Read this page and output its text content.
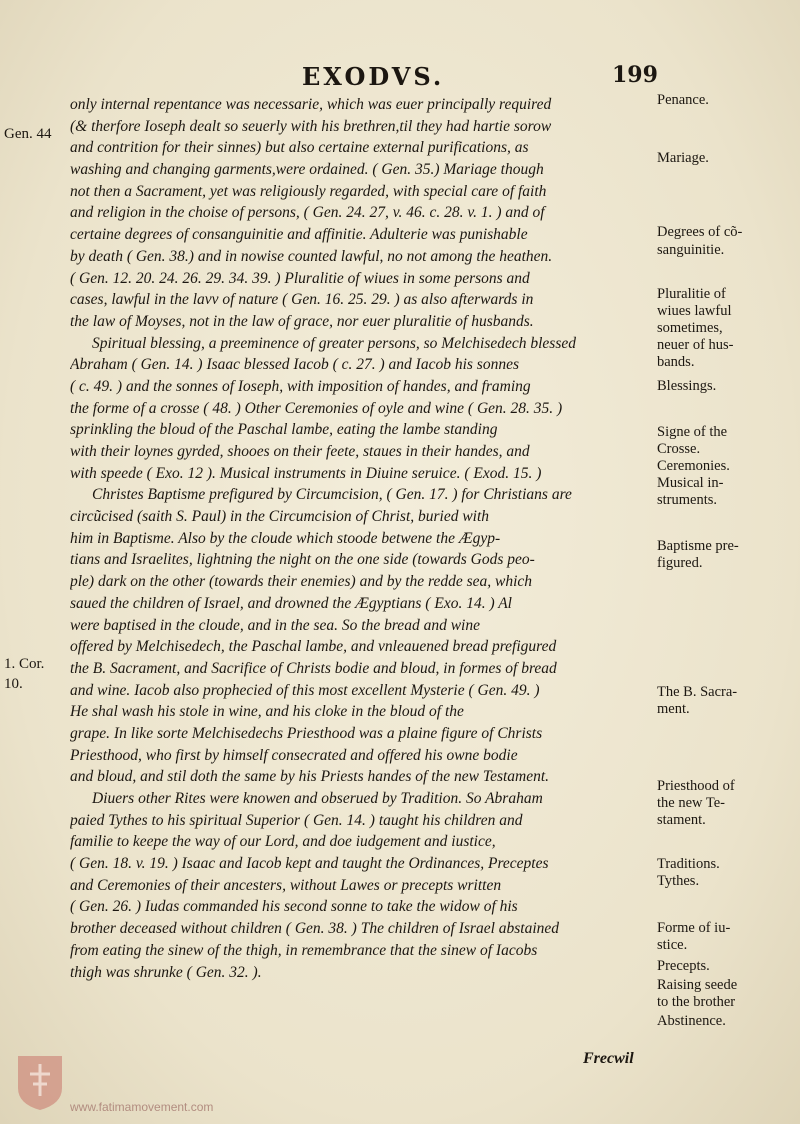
EXODVS.	199
Gen. 44
1. Cor.
10.
only internal repentance was necessarie, which was euer principally required
(& therfore Ioseph dealt so seuerly with his brethren,til they had hartie sorow
and contrition for their sinnes) but also certaine external purifications, as
washing and changing garments,were ordained. ( Gen. 35.) Mariage though
not then a Sacrament, yet was religiously regarded, with special care of faith
and religion in the choise of persons, ( Gen. 24. 27, v. 46. c. 28. v. 1. ) and of
certaine degrees of consanguinitie and affinitie. Adulterie was punishable
by death ( Gen. 38.) and in nowise counted lawful, no not among the heathen.
( Gen. 12. 20. 24. 26. 29. 34. 39. ) Pluralitie of wiues in some persons and
cases, lawful in the lavv of nature ( Gen. 16. 25. 29. ) as also afterwards in
the law of Moyses, not in the law of grace, nor euer pluralitie of husbands.
Spiritual blessing, a preeminence of greater persons, so Melchisedech blessed
Abraham ( Gen. 14. ) Isaac blessed Iacob ( c. 27. ) and Iacob his sonnes
( c. 49. ) and the sonnes of Ioseph, with imposition of handes, and framing
the forme of a crosse ( 48. ) Other Ceremonies of oyle and wine ( Gen. 28. 35. )
sprinkling the bloud of the Paschal lambe, eating the lambe standing
with their loynes gyrded, shooes on their feete, staues in their handes, and
with speede ( Exo. 12 ). Musical instruments in Diuine seruice. ( Exod. 15. )
Christes Baptisme prefigured by Circumcision, ( Gen. 17. ) for Christians are
circũcised (saith S. Paul) in the Circumcision of Christ, buried with
him in Baptisme. Also by the cloude which stoode betwene the Ægyp-
tians and Israelites, lightning the night on the one side (towards Gods peo-
ple) dark on the other (towards their enemies) and by the redde sea, which
saued the children of Israel, and drowned the Ægyptians ( Exo. 14. ) Al
were baptised in the cloude, and in the sea. So the bread and wine
offered by Melchisedech, the Paschal lambe, and vnleauened bread prefigured
the B. Sacrament, and Sacrifice of Christs bodie and bloud, in formes of bread
and wine. Iacob also prophecied of this most excellent Mysterie ( Gen. 49. )
He shal wash his stole in wine, and his cloke in the bloud of the
grape. In like sorte Melchisedechs Priesthood was a plaine figure of Christs
Priesthood, who first by himself consecrated and offered his owne bodie
and bloud, and stil doth the same by his Priests handes of the new Testament.
Diuers other Rites were knowen and obserued by Tradition. So Abraham
paied Tythes to his spiritual Superior ( Gen. 14. ) taught his children and
familie to keepe the way of our Lord, and doe iudgement and iustice,
( Gen. 18. v. 19. ) Isaac and Iacob kept and taught the Ordinances, Preceptes
and Ceremonies of their ancesters, without Lawes or precepts written
( Gen. 26. ) Iudas commanded his second sonne to take the widow of his
brother deceased without children ( Gen. 38. ) The children of Israel abstained
from eating the sinew of the thigh, in remembrance that the sinew of Iacobs
thigh was shrunke ( Gen. 32. ).
Penance.
Mariage.
Degrees of cõ-
sanguinitie.
Pluralitie of
wiues lawful
sometimes,
neuer of hus-
bands.
Blessings.
Signe of the
Crosse.
Ceremonies.
Musical in-
struments.
Baptisme pre-
figured.
The B. Sacra-
ment.
Priesthood of
the new Te-
stament.
Traditions.
Tythes.
Forme of iu-
stice.
Precepts.
Raising seede
to the brother
Abstinence.
Frecwil
www.fatimamovement.com
